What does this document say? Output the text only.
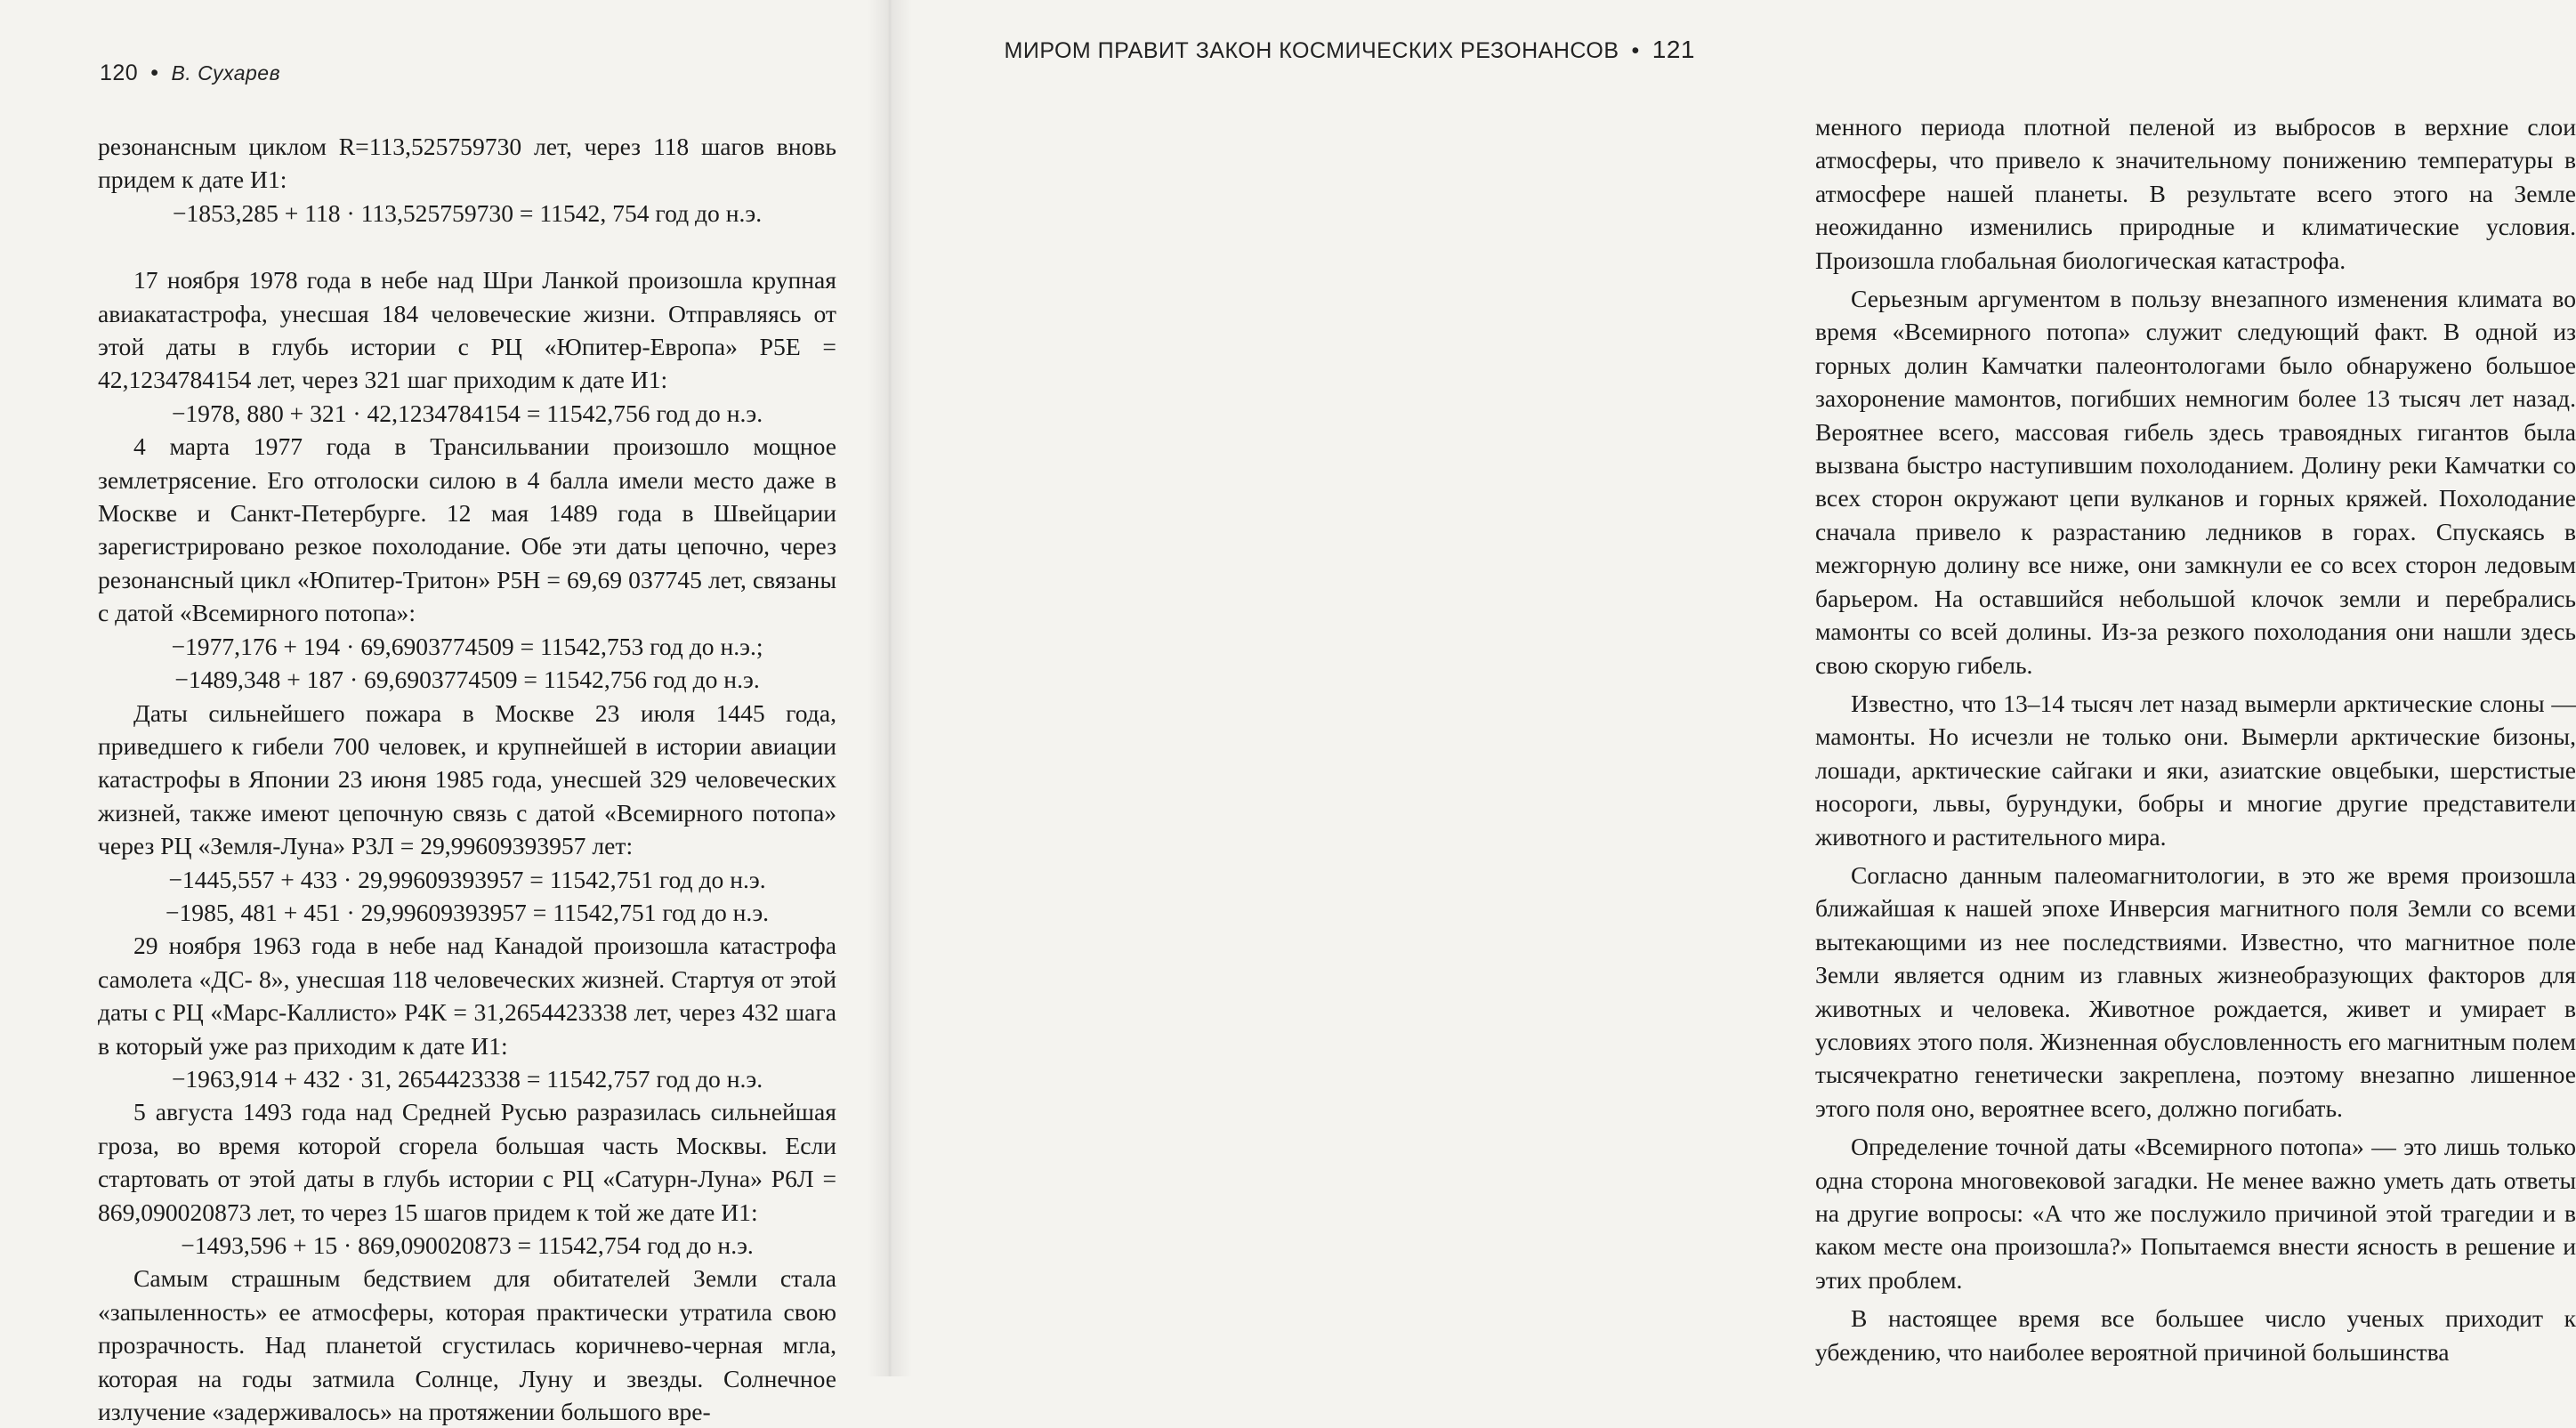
120 • В. Сухарев

резонансным циклом R=113,525759730 лет, через 118 шагов вновь придем к дате И1:

−1853,285 + 118 · 113,525759730 = 11542, 754 год до н.э.

17 ноября 1978 года в небе над Шри Ланкой произошла крупная авиакатастрофа, унесшая 184 человеческие жизни. Отправляясь от этой даты в глубь истории с РЦ «Юпитер-Европа» Р5Е = 42,1234784154 лет, через 321 шаг приходим к дате И1:

−1978, 880 + 321 · 42,1234784154 = 11542,756 год до н.э.

4 марта 1977 года в Трансильвании произошло мощное землетрясение. Его отголоски силою в 4 балла имели место даже в Москве и Санкт-Петербурге. 12 мая 1489 года в Швейцарии зарегистрировано резкое похолодание. Обе эти даты цепочно, через резонансный цикл «Юпитер-Тритон» Р5Н = 69,69 037745 лет, связаны с датой «Всемирного потопа»:

−1977,176 + 194 · 69,6903774509 = 11542,753 год до н.э.;

−1489,348 + 187 · 69,6903774509 = 11542,756 год до н.э.

Даты сильнейшего пожара в Москве 23 июля 1445 года, приведшего к гибели 700 человек, и крупнейшей в истории авиации катастрофы в Японии 23 июня 1985 года, унесшей 329 человеческих жизней, также имеют цепочную связь с датой «Всемирного потопа» через РЦ «Земля-Луна» Р3Л = 29,99609393957 лет:

−1445,557 + 433 · 29,99609393957 = 11542,751 год до н.э.

−1985, 481 + 451 · 29,99609393957 = 11542,751 год до н.э.

29 ноября 1963 года в небе над Канадой произошла катастрофа самолета «ДС- 8», унесшая 118 человеческих жизней. Стартуя от этой даты с РЦ «Марс-Каллисто» Р4К = 31,2654423338 лет, через 432 шага в который уже раз приходим к дате И1:

−1963,914 + 432 · 31, 2654423338 = 11542,757 год до н.э.

5 августа 1493 года над Средней Русью разразилась сильнейшая гроза, во время которой сгорела большая часть Москвы. Если стартовать от этой даты в глубь истории с РЦ «Сатурн-Луна» Р6Л = 869,090020873 лет, то через 15 шагов придем к той же дате И1:

−1493,596 + 15 · 869,090020873 = 11542,754 год до н.э.

Самым страшным бедствием для обитателей Земли стала «запыленность» ее атмосферы, которая практически утратила свою прозрачность. Над планетой сгустилась коричнево-черная мгла, которая на годы затмила Солнце, Луну и звезды. Солнечное излучение «задерживалось» на протяжении большого вре-

МИРОМ ПРАВИТ ЗАКОН КОСМИЧЕСКИХ РЕЗОНАНСОВ • 121

менного периода плотной пеленой из выбросов в верхние слои атмосферы, что привело к значительному понижению температуры в атмосфере нашей планеты. В результате всего этого на Земле неожиданно изменились природные и климатические условия. Произошла глобальная биологическая катастрофа.

Серьезным аргументом в пользу внезапного изменения климата во время «Всемирного потопа» служит следующий факт. В одной из горных долин Камчатки палеонтологами было обнаружено большое захоронение мамонтов, погибших немногим более 13 тысяч лет назад. Вероятнее всего, массовая гибель здесь травоядных гигантов была вызвана быстро наступившим похолоданием. Долину реки Камчатки со всех сторон окружают цепи вулканов и горных кряжей. Похолодание сначала привело к разрастанию ледников в горах. Спускаясь в межгорную долину все ниже, они замкнули ее со всех сторон ледовым барьером. На оставшийся небольшой клочок земли и перебрались мамонты со всей долины. Из-за резкого похолодания они нашли здесь свою скорую гибель.

Известно, что 13–14 тысяч лет назад вымерли арктические слоны — мамонты. Но исчезли не только они. Вымерли арктические бизоны, лошади, арктические сайгаки и яки, азиатские овцебыки, шерстистые носороги, львы, бурундуки, бобры и многие другие представители животного и растительного мира.

Согласно данным палеомагнитологии, в это же время произошла ближайшая к нашей эпохе Инверсия магнитного поля Земли со всеми вытекающими из нее последствиями. Известно, что магнитное поле Земли является одним из главных жизнеобразующих факторов для животных и человека. Животное рождается, живет и умирает в условиях этого поля. Жизненная обусловленность его магнитным полем тысячекратно генетически закреплена, поэтому внезапно лишенное этого поля оно, вероятнее всего, должно погибать.

Определение точной даты «Всемирного потопа» — это лишь только одна сторона многовековой загадки. Не менее важно уметь дать ответы на другие вопросы: «А что же послужило причиной этой трагедии и в каком месте она произошла?» Попытаемся внести ясность в решение и этих проблем.

В настоящее время все большее число ученых приходит к убеждению, что наиболее вероятной причиной большинства
